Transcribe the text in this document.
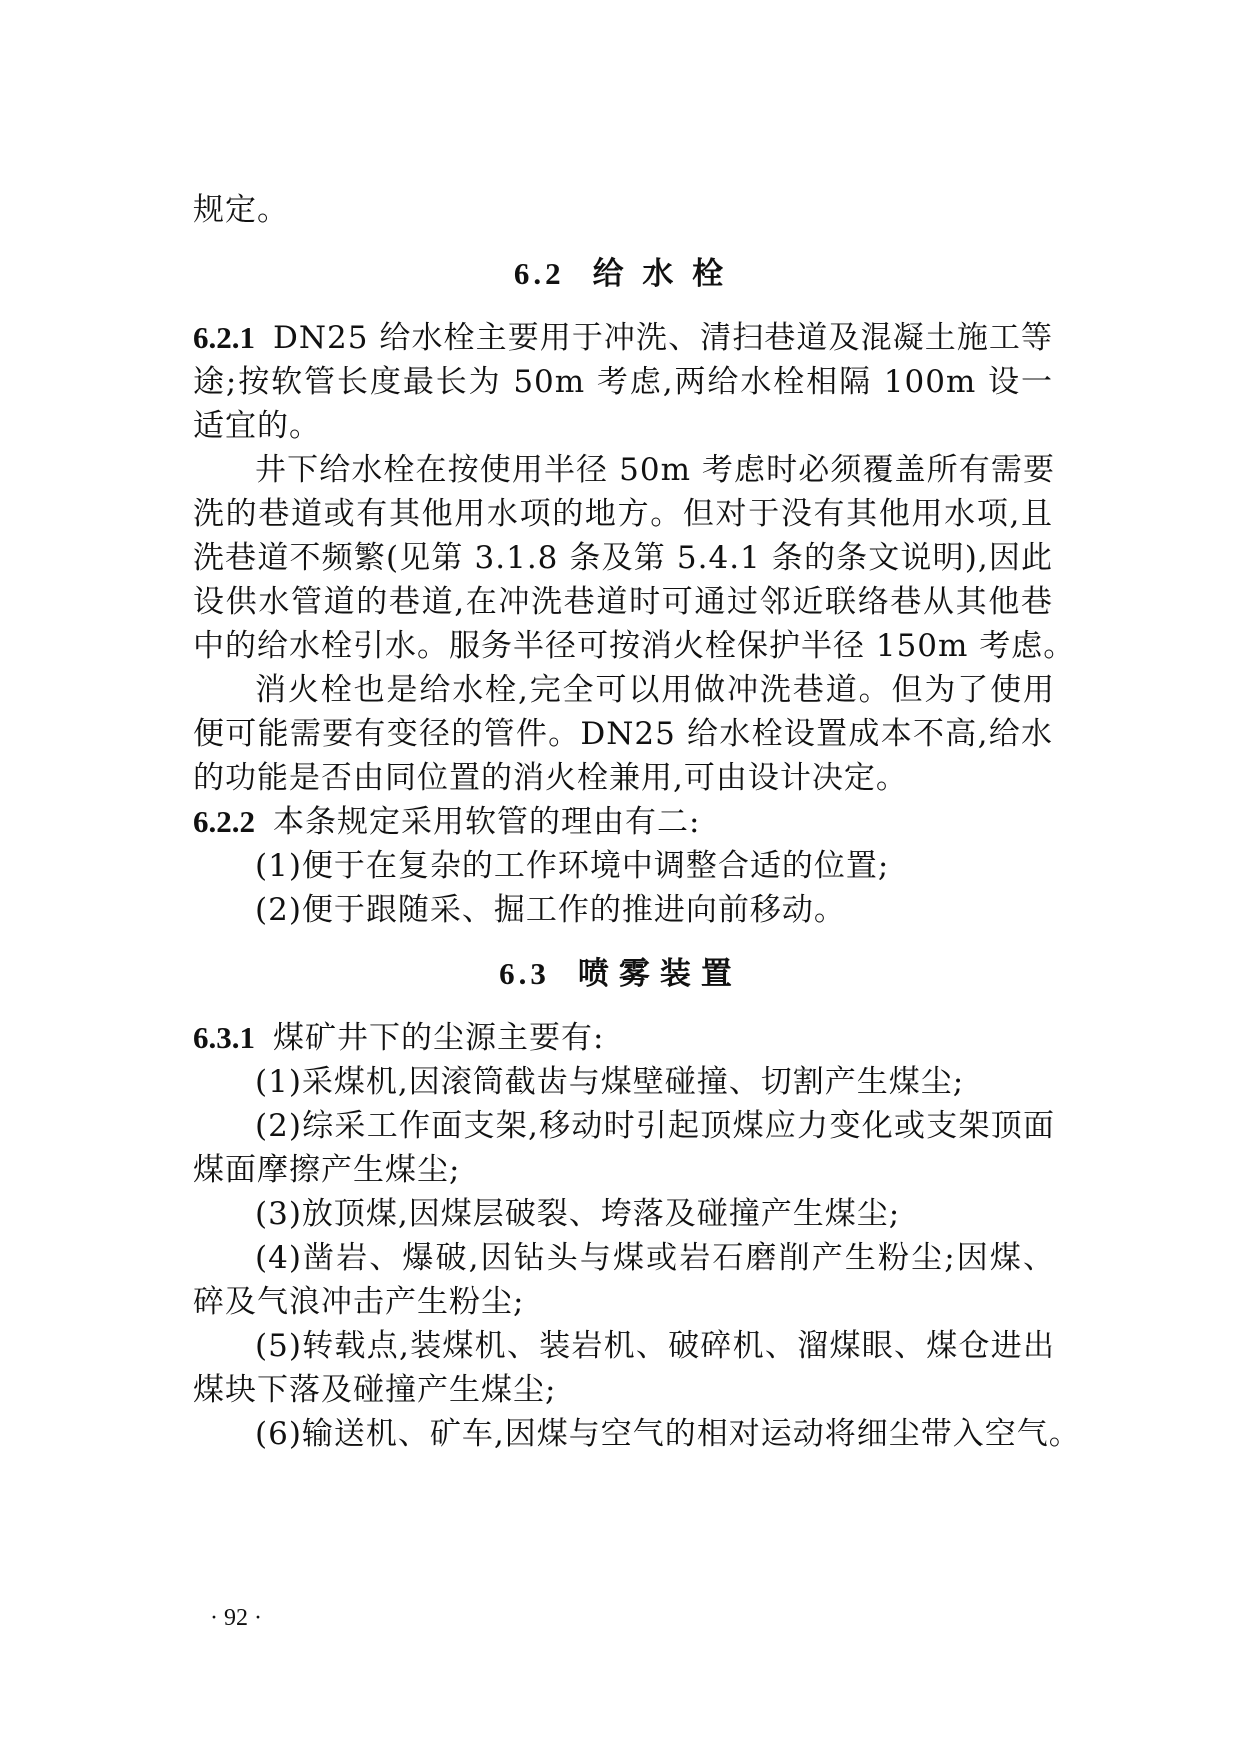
规定。
6.2 给 水 栓
6.2.1 DN25 给水栓主要用于冲洗、清扫巷道及混凝土施工等
途;按软管长度最长为 50m 考虑,两给水栓相隔 100m 设一
适宜的。
井下给水栓在按使用半径 50m 考虑时必须覆盖所有需要
洗的巷道或有其他用水项的地方。但对于没有其他用水项,且
洗巷道不频繁(见第 3.1.8 条及第 5.4.1 条的条文说明),因此
设供水管道的巷道,在冲洗巷道时可通过邻近联络巷从其他巷
中的给水栓引水。服务半径可按消火栓保护半径 150m 考虑。
消火栓也是给水栓,完全可以用做冲洗巷道。但为了使用
便可能需要有变径的管件。DN25 给水栓设置成本不高,给水
的功能是否由同位置的消火栓兼用,可由设计决定。
6.2.2 本条规定采用软管的理由有二:
(1)便于在复杂的工作环境中调整合适的位置;
(2)便于跟随采、掘工作的推进向前移动。
6.3 喷雾装置
6.3.1 煤矿井下的尘源主要有:
(1)采煤机,因滚筒截齿与煤壁碰撞、切割产生煤尘;
(2)综采工作面支架,移动时引起顶煤应力变化或支架顶面
煤面摩擦产生煤尘;
(3)放顶煤,因煤层破裂、垮落及碰撞产生煤尘;
(4)凿岩、爆破,因钻头与煤或岩石磨削产生粉尘;因煤、
碎及气浪冲击产生粉尘;
(5)转载点,装煤机、装岩机、破碎机、溜煤眼、煤仓进出
煤块下落及碰撞产生煤尘;
(6)输送机、矿车,因煤与空气的相对运动将细尘带入空气。
· 92 ·
